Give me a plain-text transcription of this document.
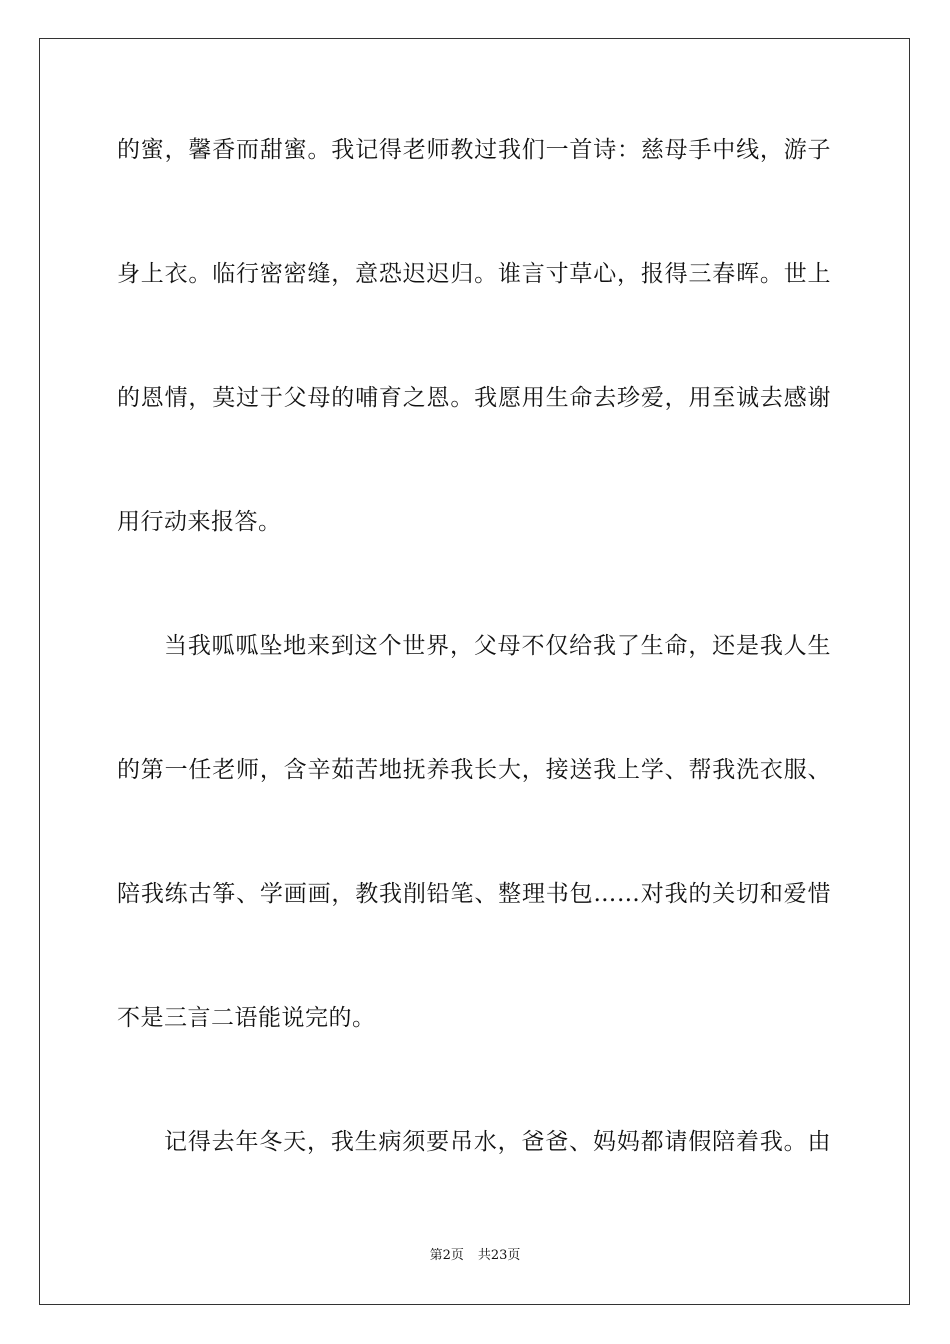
的蜜，馨香而甜蜜。我记得老师教过我们一首诗：慈母手中线，游子
身上衣。临行密密缝，意恐迟迟归。谁言寸草心，报得三春晖。世上
的恩情，莫过于父母的哺育之恩。我愿用生命去珍爱，用至诚去感谢
用行动来报答。
当我呱呱坠地来到这个世界，父母不仅给我了生命，还是我人生
的第一任老师，含辛茹苦地抚养我长大，接送我上学、帮我洗衣服、
陪我练古筝、学画画，教我削铅笔、整理书包……对我的关切和爱惜
不是三言二语能说完的。
记得去年冬天，我生病须要吊水，爸爸、妈妈都请假陪着我。由
第2页 共23页
